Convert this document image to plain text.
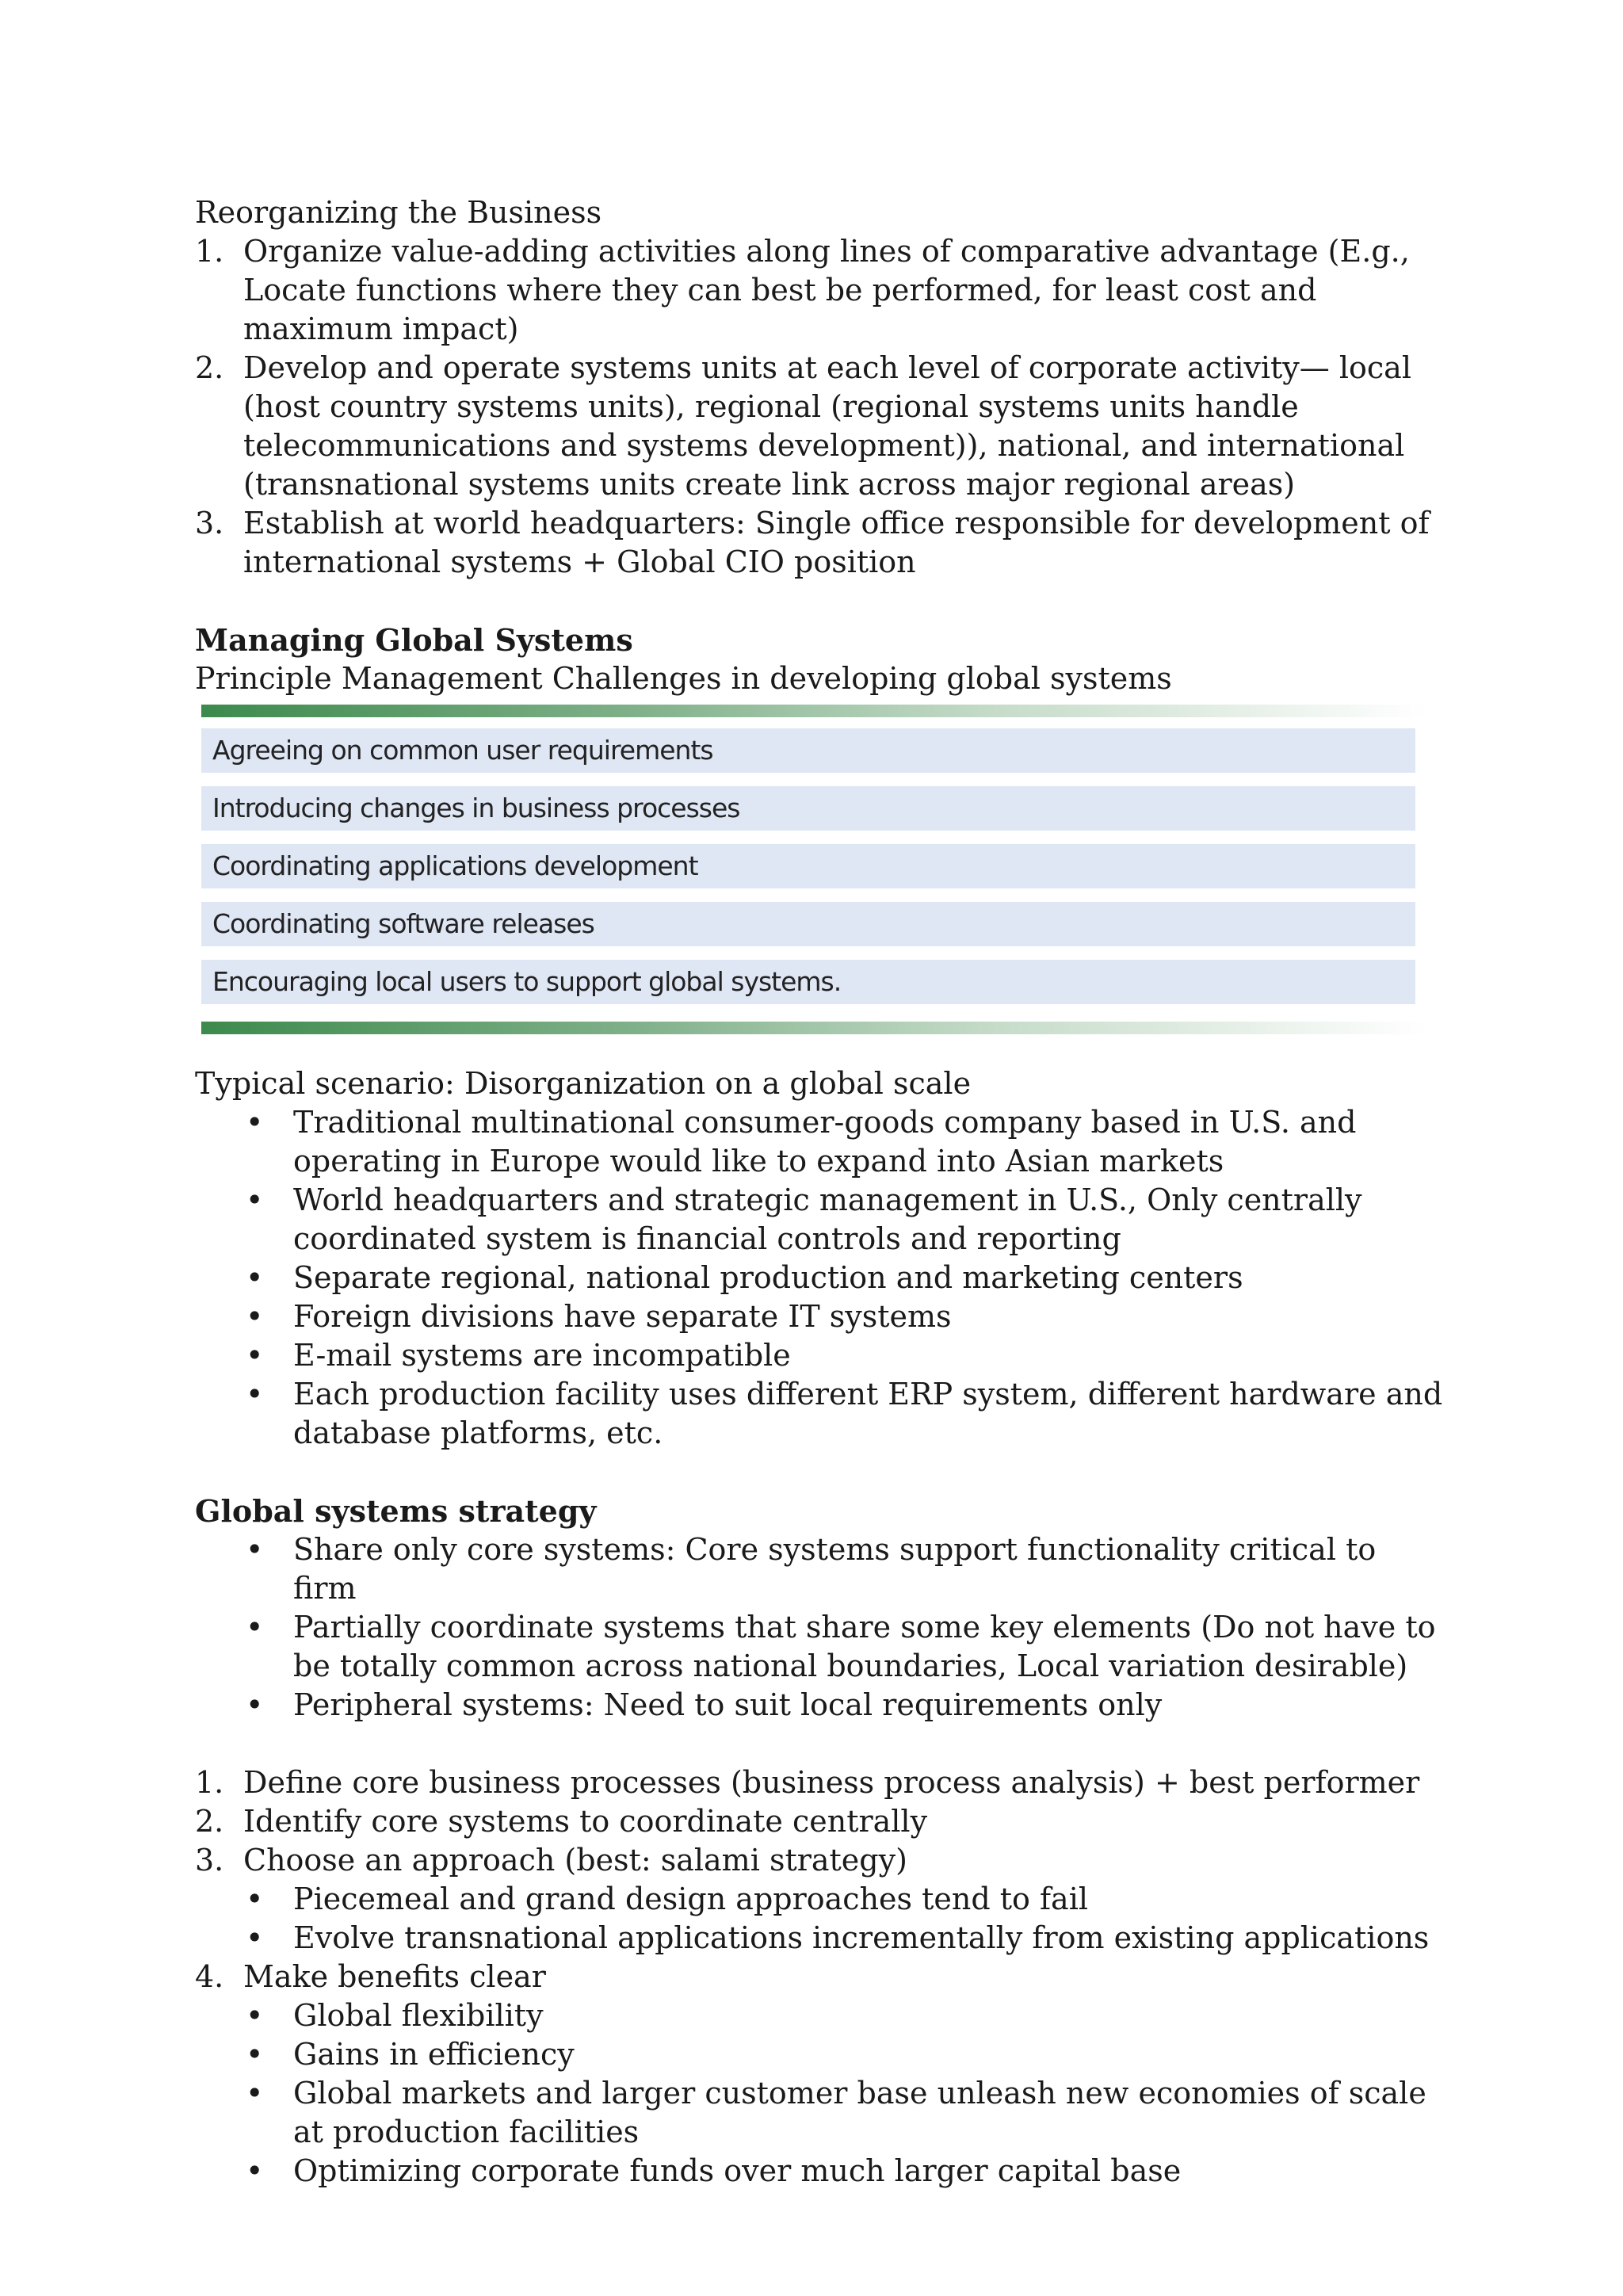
Reorganizing the Business

1. Organize value-adding activities along lines of comparative advantage (E.g., Locate functions where they can best be performed, for least cost and maximum impact)
2. Develop and operate systems units at each level of corporate activity— local (host country systems units), regional (regional systems units handle telecommunications and systems development)), national, and international (transnational systems units create link across major regional areas)
3. Establish at world headquarters: Single office responsible for development of international systems + Global CIO position

Managing Global Systems

Principle Management Challenges in developing global systems

Agreeing on common user requirements
Introducing changes in business processes
Coordinating applications development
Coordinating software releases
Encouraging local users to support global systems.

Typical scenario: Disorganization on a global scale

• Traditional multinational consumer-goods company based in U.S. and operating in Europe would like to expand into Asian markets
• World headquarters and strategic management in U.S., Only centrally coordinated system is financial controls and reporting
• Separate regional, national production and marketing centers
• Foreign divisions have separate IT systems
• E-mail systems are incompatible
• Each production facility uses different ERP system, different hardware and database platforms, etc.

Global systems strategy

• Share only core systems: Core systems support functionality critical to firm
• Partially coordinate systems that share some key elements (Do not have to be totally common across national boundaries, Local variation desirable)
• Peripheral systems: Need to suit local requirements only
1. Define core business processes (business process analysis) + best performer
2. Identify core systems to coordinate centrally
3. Choose an approach (best: salami strategy)
• Piecemeal and grand design approaches tend to fail
• Evolve transnational applications incrementally from existing applications
4. Make benefits clear
• Global flexibility
• Gains in efficiency
• Global markets and larger customer base unleash new economies of scale at production facilities
• Optimizing corporate funds over much larger capital base
